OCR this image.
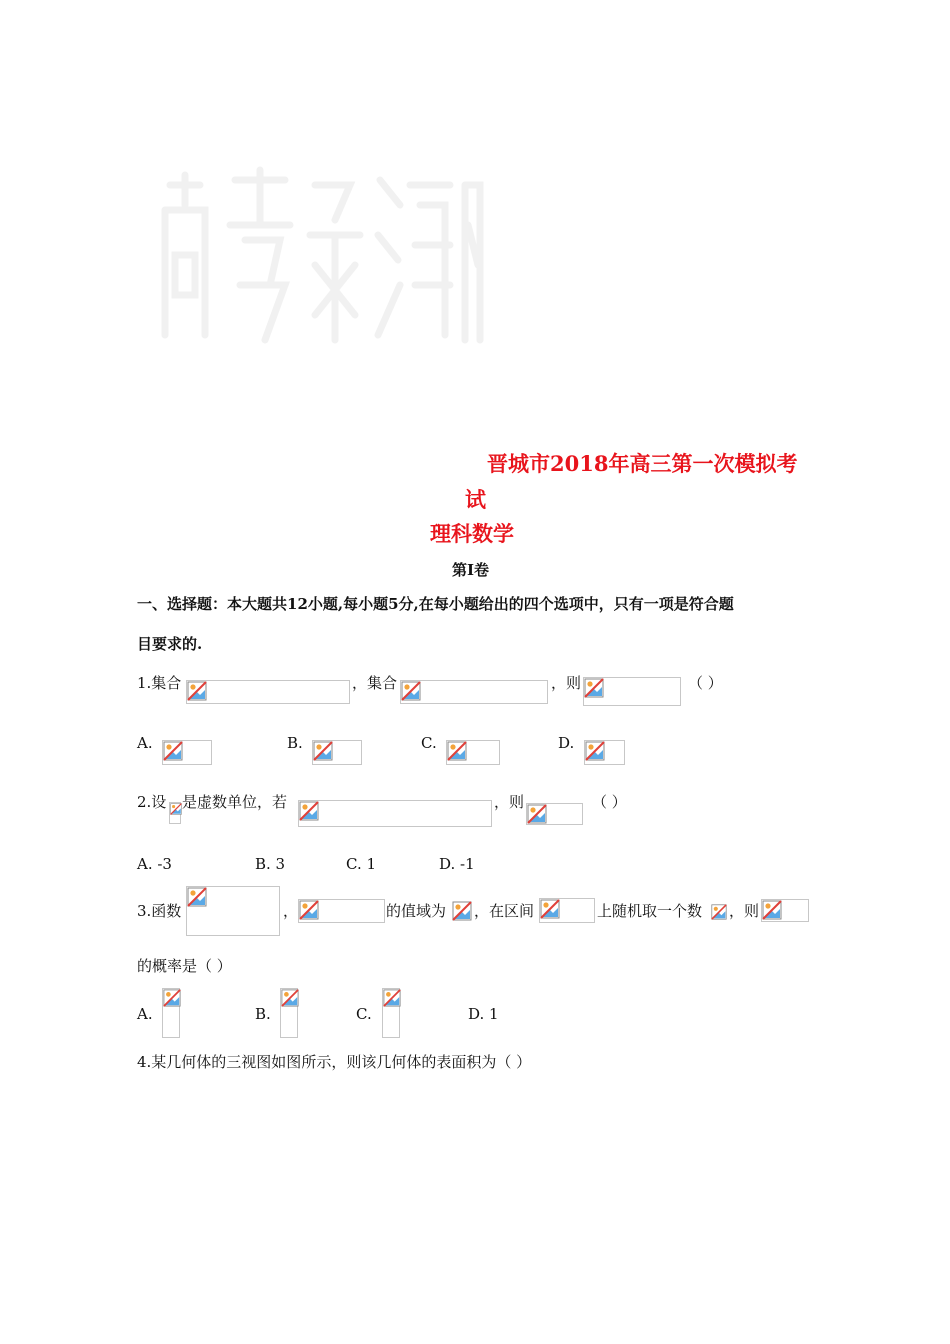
晋城市2018年高三第一次模拟考
试
理科数学
第Ⅰ卷
一、选择题：本大题共12小题,每小题5分,在每小题给出的四个选项中，只有一项是符合题
目要求的.
1.集合	，集合	，则	（ ）
A.	B.	C.	D.
2.设 是虚数单位，若	，则	（ ）
A. -3	B. 3	C. 1	D. -1
3.函数	，	的值域为 ，在区间	上随机取一个数 ，则
的概率是（ ）
A.	B.	C.	D. 1
4.某几何体的三视图如图所示，则该几何体的表面积为（ ）
